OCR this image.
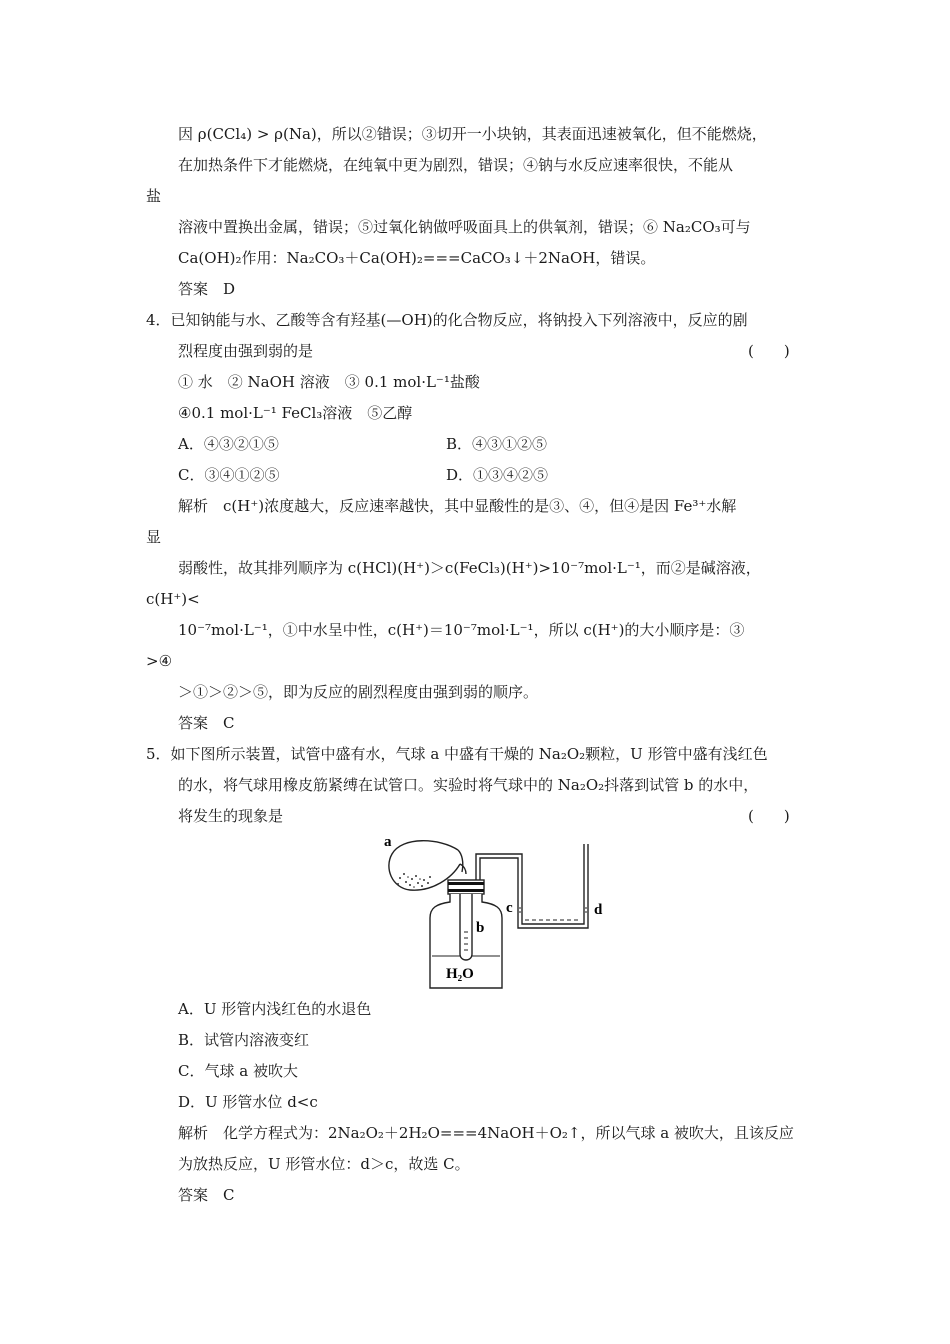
因 ρ(CCl₄) > ρ(Na)，所以②错误；③切开一小块钠，其表面迅速被氧化，但不能燃烧，
在加热条件下才能燃烧，在纯氧中更为剧烈，错误；④钠与水反应速率很快，不能从
盐
溶液中置换出金属，错误；⑤过氧化钠做呼吸面具上的供氧剂，错误；⑥ Na₂CO₃可与
Ca(OH)₂作用：Na₂CO₃＋Ca(OH)₂===CaCO₃↓＋2NaOH，错误。
答案　D
4．已知钠能与水、乙酸等含有羟基(—OH)的化合物反应，将钠投入下列溶液中，反应的剧
烈程度由强到弱的是	(　　)
① 水　② NaOH 溶液　③ 0.1 mol·L⁻¹盐酸
④0.1 mol·L⁻¹ FeCl₃溶液　⑤乙醇
A．④③②①⑤	B．④③①②⑤
C．③④①②⑤	D．①③④②⑤
解析　c(H⁺)浓度越大，反应速率越快，其中显酸性的是③、④，但④是因 Fe³⁺水解
显
弱酸性，故其排列顺序为 c(HCl)(H⁺)＞c(FeCl₃)(H⁺)>10⁻⁷mol·L⁻¹，而②是碱溶液，
c(H⁺)<
10⁻⁷mol·L⁻¹，①中水呈中性，c(H⁺)＝10⁻⁷mol·L⁻¹，所以 c(H⁺)的大小顺序是：③
>④
＞①＞②＞⑤，即为反应的剧烈程度由强到弱的顺序。
答案　C
5．如下图所示装置，试管中盛有水，气球 a 中盛有干燥的 Na₂O₂颗粒，U 形管中盛有浅红色
的水，将气球用橡皮筋紧缚在试管口。实验时将气球中的 Na₂O₂抖落到试管 b 的水中，
将发生的现象是	(　　)
a
b
c	d
H₂O
A．U 形管内浅红色的水退色
B．试管内溶液变红
C．气球 a 被吹大
D．U 形管水位 d<c
解析　化学方程式为：2Na₂O₂＋2H₂O===4NaOH＋O₂↑，所以气球 a 被吹大，且该反应
为放热反应，U 形管水位：d＞c，故选 C。
答案　C
